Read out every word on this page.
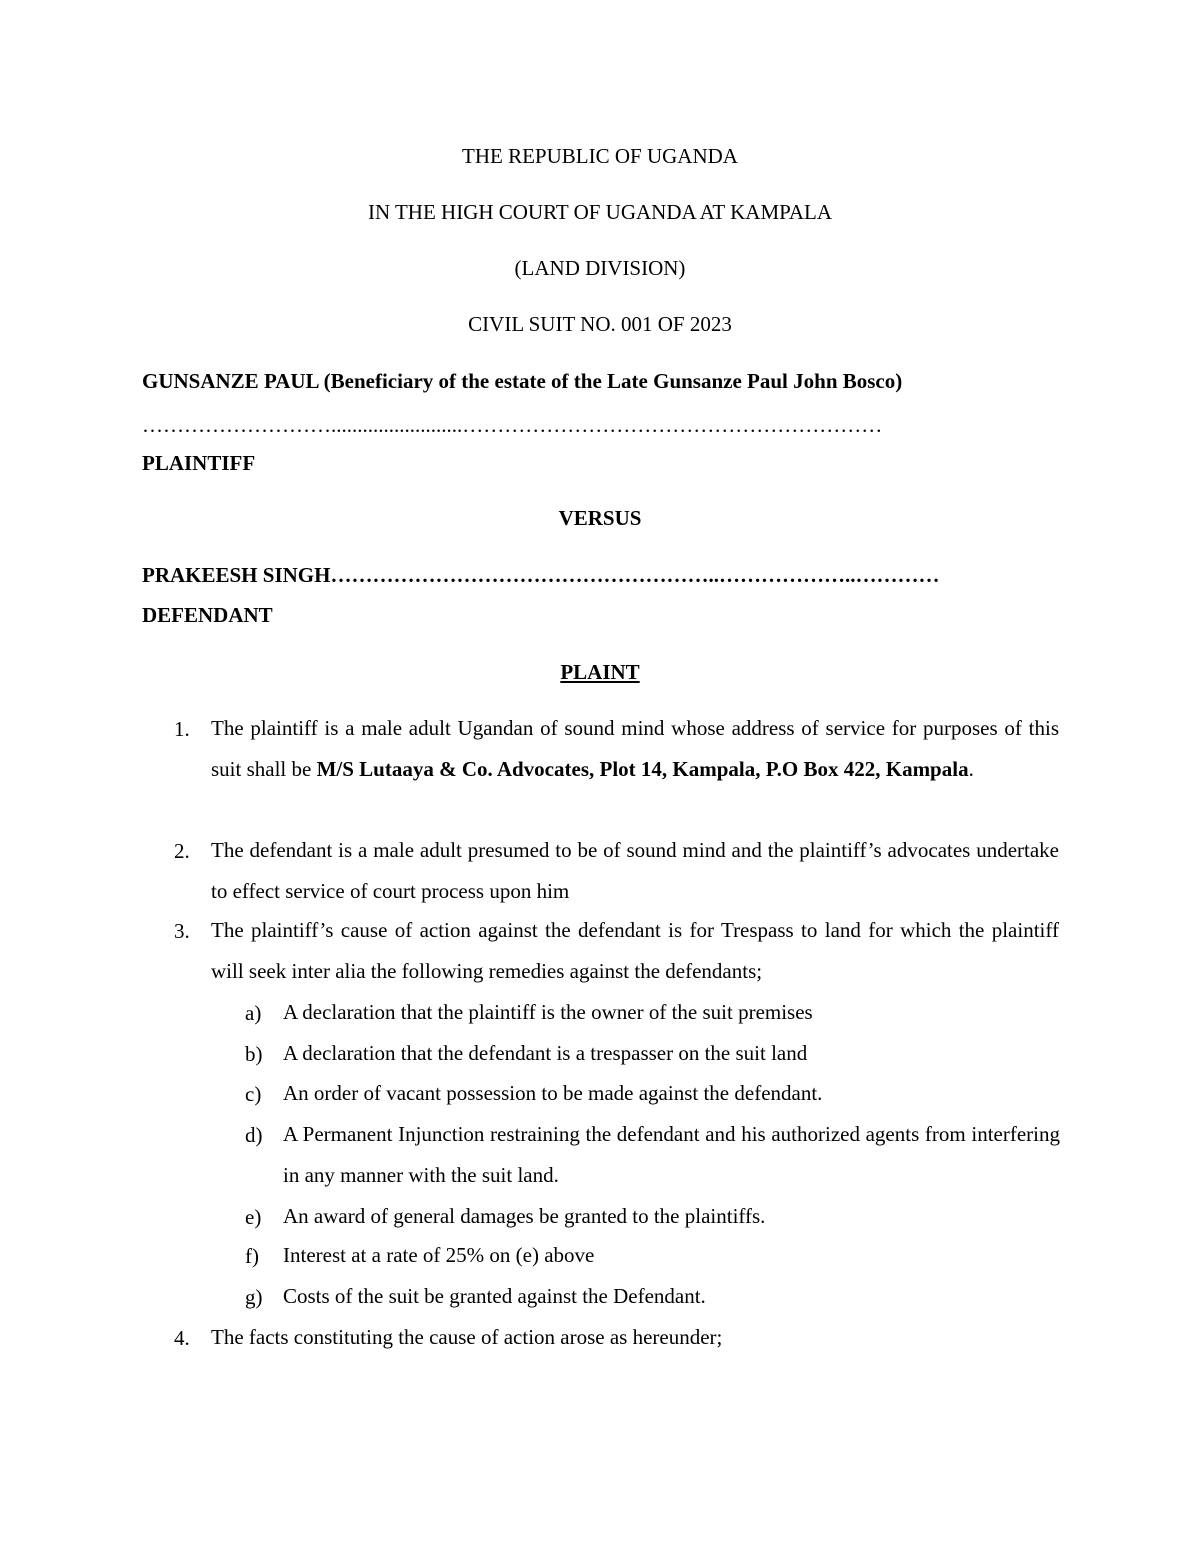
THE REPUBLIC OF UGANDA
IN THE HIGH COURT OF UGANDA AT KAMPALA
(LAND DIVISION)
CIVIL SUIT NO. 001 OF 2023
GUNSANZE PAUL (Beneficiary of the estate of the Late Gunsanze Paul John Bosco)
……………………….........................……………………………………………………
PLAINTIFF
VERSUS
PRAKEESH SINGH………………………………………………..………………..…………
DEFENDANT
PLAINT
1. The plaintiff is a male adult Ugandan of sound mind whose address of service for purposes of this suit shall be M/S Lutaaya & Co. Advocates, Plot 14, Kampala, P.O Box 422, Kampala.
2. The defendant is a male adult presumed to be of sound mind and the plaintiff’s advocates undertake to effect service of court process upon him
3. The plaintiff’s cause of action against the defendant is for Trespass to land for which the plaintiff will seek inter alia the following remedies against the defendants;
a) A declaration that the plaintiff is the owner of the suit premises
b) A declaration that the defendant is a trespasser on the suit land
c) An order of vacant possession to be made against the defendant.
d) A Permanent Injunction restraining the defendant and his authorized agents from interfering in any manner with the suit land.
e) An award of general damages be granted to the plaintiffs.
f) Interest at a rate of 25% on (e) above
g) Costs of the suit be granted against the Defendant.
4. The facts constituting the cause of action arose as hereunder;
